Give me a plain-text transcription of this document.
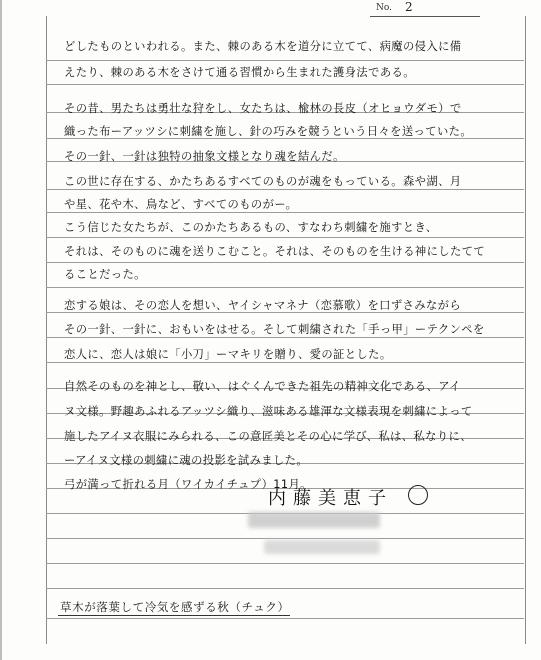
No. 2
どしたものといわれる。また、棘のある木を道分に立てて、病魔の侵入に備
えたり、棘のある木をさけて通る習慣から生まれた護身法である。
その昔、男たちは勇壮な狩をし、女たちは、楡林の長皮（オヒョウダモ）で
織った布ーアッツシに刺繍を施し、針の巧みを競うという日々を送っていた。
その一針、一針は独特の抽象文様となり魂を結んだ。
この世に存在する、かたちあるすべてのものが魂をもっている。森や湖、月
や星、花や木、鳥など、すべてのものがー。
こう信じた女たちが、このかたちあるもの、すなわち刺繍を施すとき、
それは、そのものに魂を送りこむこと。それは、そのものを生ける神にしたてて
ることだった。
恋する娘は、その恋人を想い、ヤイシャマネナ（恋慕歌）を口ずさみながら
その一針、一針に、おもいをはせる。そして刺繍された「手っ甲」ーテクンペを
恋人に、恋人は娘に「小刀」ーマキリを贈り、愛の証とした。
自然そのものを神とし、敬い、はぐくんできた祖先の精神文化である、アイ
ヌ文様。野趣あふれるアッツシ織り、滋味ある雄渾な文様表現を刺繍によって
施したアイヌ衣服にみられる、この意匠美とその心に学び、私は、私なりに、
ーアイヌ文様の刺繍に魂の投影を試みました。
弓が満って折れる月（ワイカイチュプ）11月。
内藤美恵子
草木が落葉して冷気を感ずる秋（チュク）
